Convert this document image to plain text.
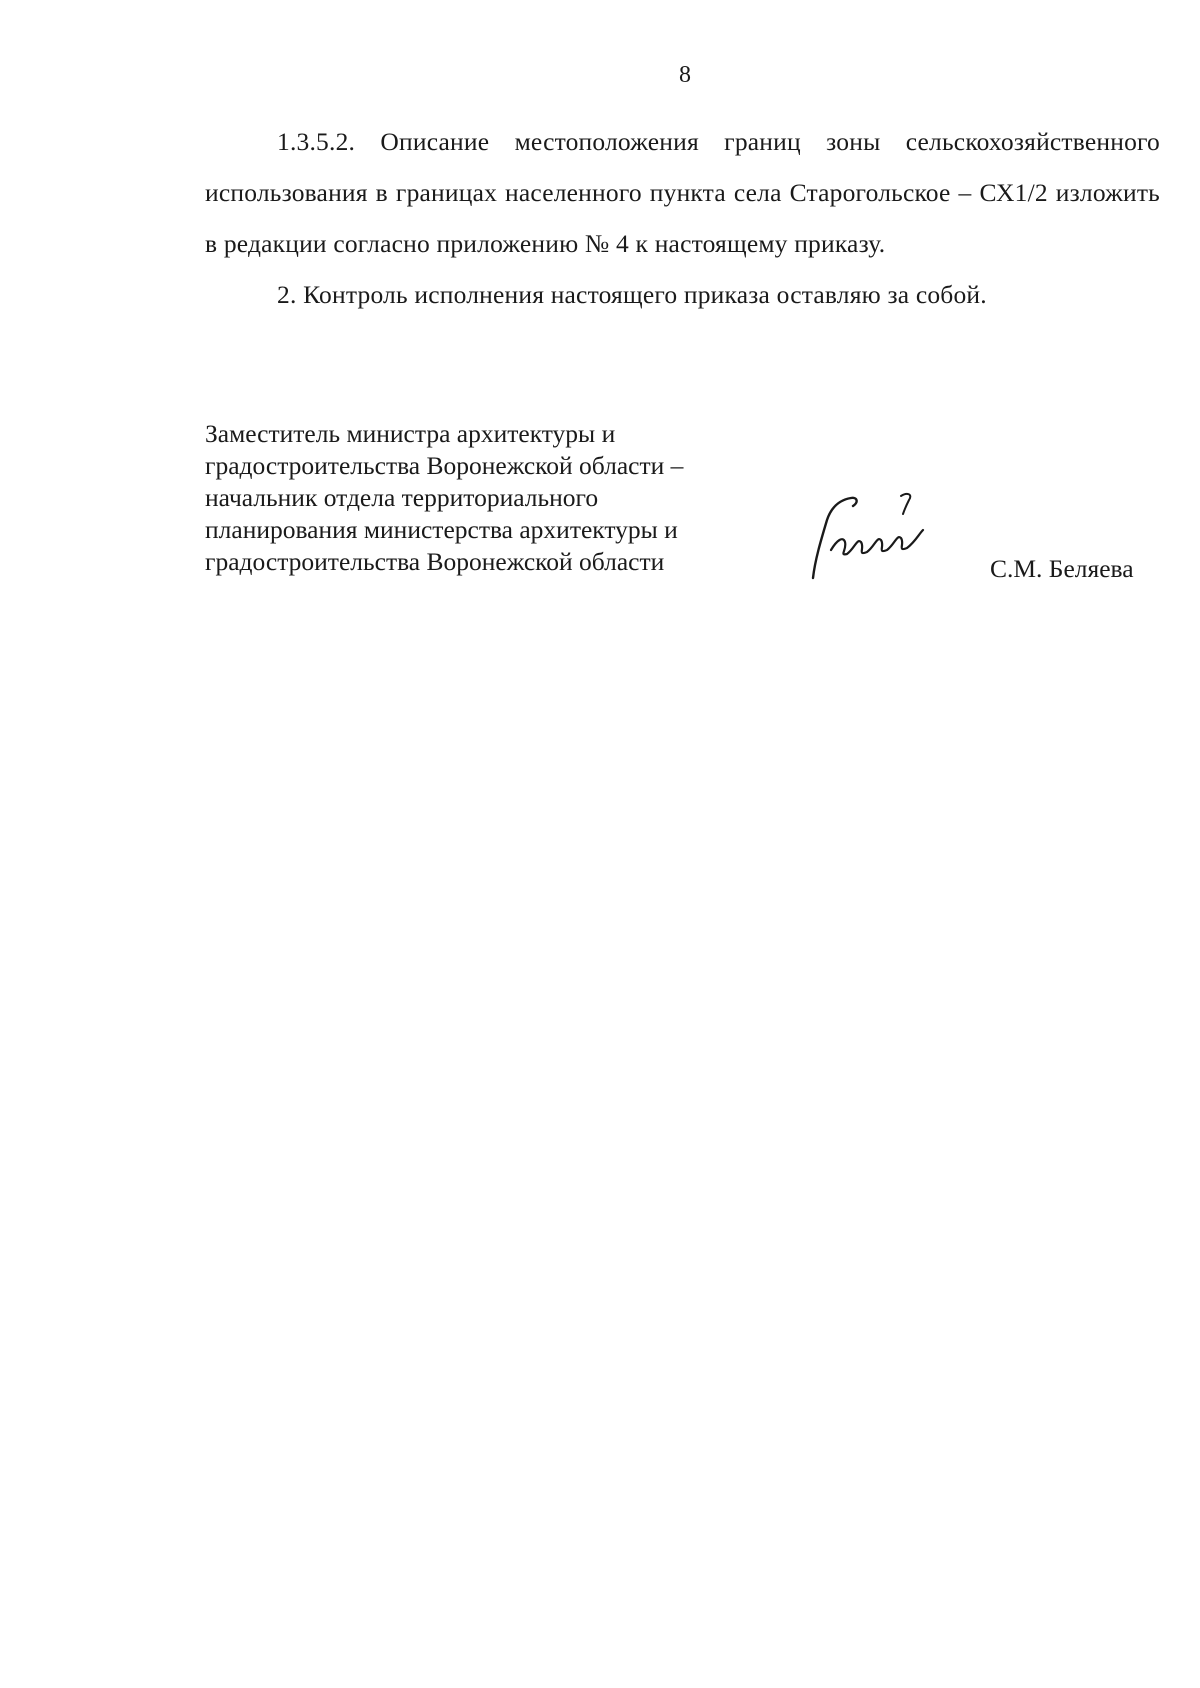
8

1.3.5.2. Описание местоположения границ зоны сельскохозяйственного использования в границах населенного пункта села Старогольское – СХ1/2 изложить в редакции согласно приложению № 4 к настоящему приказу.

2. Контроль исполнения настоящего приказа оставляю за собой.

Заместитель министра архитектуры и
градостроительства Воронежской области –
начальник отдела территориального
планирования министерства архитектуры и
градостроительства Воронежской области	С.М. Беляева
